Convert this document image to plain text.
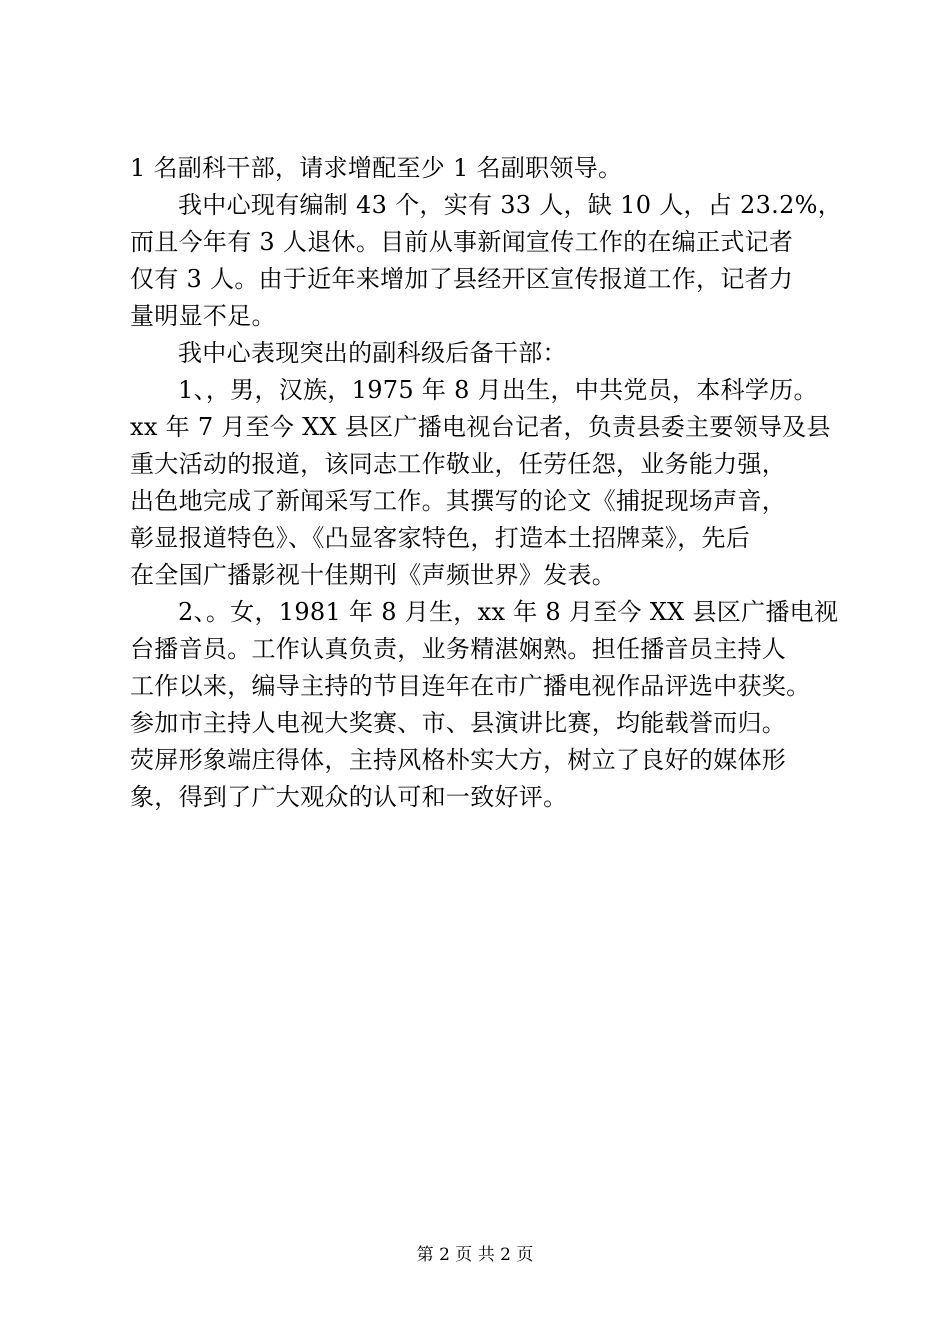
1 名副科干部，请求增配至少 1 名副职领导。
我中心现有编制 43 个，实有 33 人，缺 10 人，占 23.2%，
而且今年有 3 人退休。目前从事新闻宣传工作的在编正式记者
仅有 3 人。由于近年来增加了县经开区宣传报道工作，记者力
量明显不足。
我中心表现突出的副科级后备干部：
1、，男，汉族，1975 年 8 月出生，中共党员，本科学历。
xx 年 7 月至今 XX 县区广播电视台记者，负责县委主要领导及县
重大活动的报道，该同志工作敬业，任劳任怨，业务能力强，
出色地完成了新闻采写工作。其撰写的论文《捕捉现场声音，
彰显报道特色》、《凸显客家特色，打造本土招牌菜》，先后
在全国广播影视十佳期刊《声频世界》发表。
2、。女，1981 年 8 月生，xx 年 8 月至今 XX 县区广播电视
台播音员。工作认真负责，业务精湛娴熟。担任播音员主持人
工作以来，编导主持的节目连年在市广播电视作品评选中获奖。
参加市主持人电视大奖赛、市、县演讲比赛，均能载誉而归。
荧屏形象端庄得体，主持风格朴实大方，树立了良好的媒体形
象，得到了广大观众的认可和一致好评。
第 2 页 共 2 页
